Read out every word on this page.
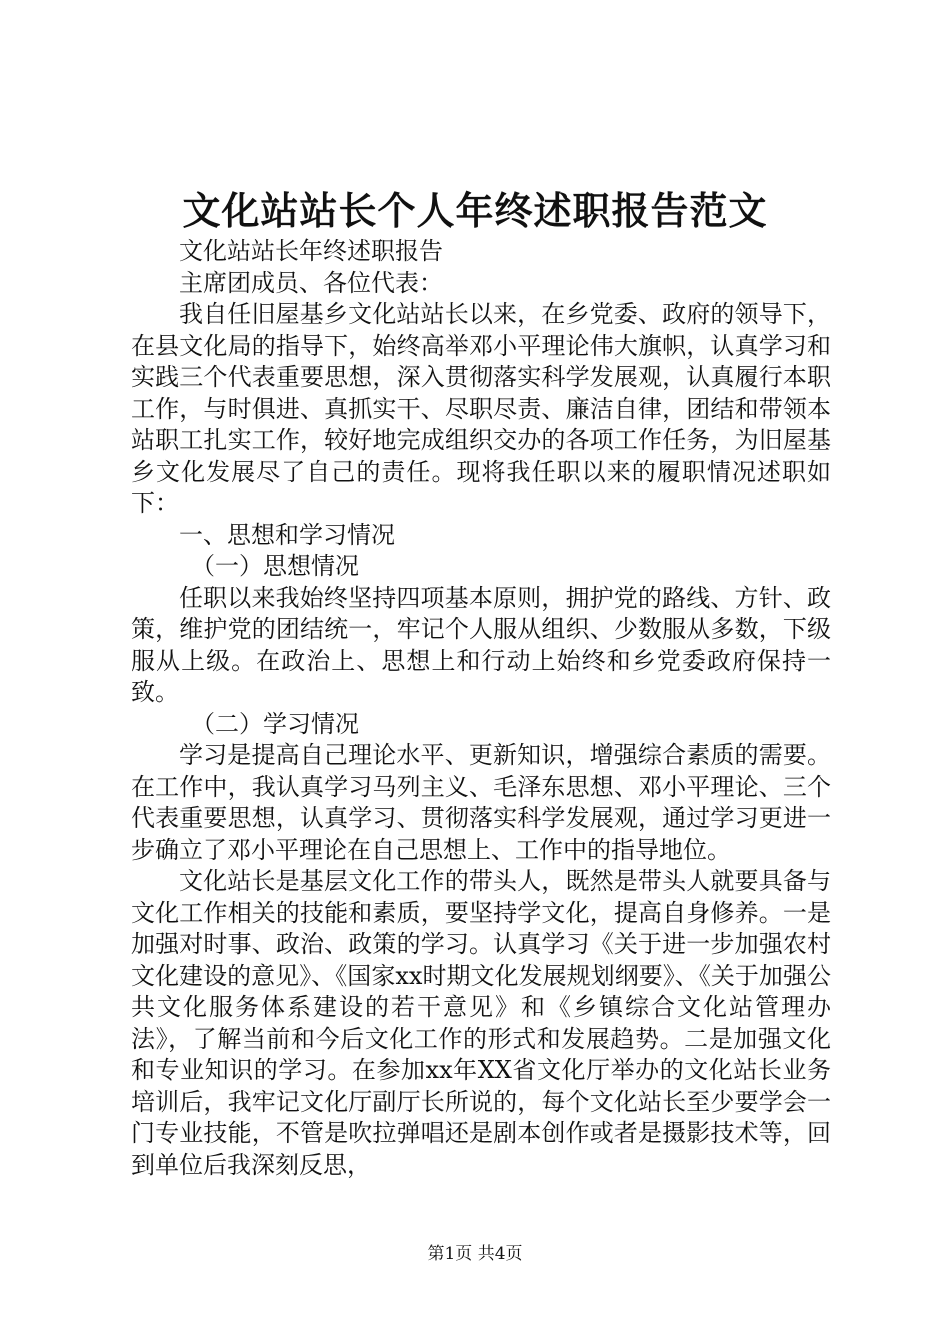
文化站站长个人年终述职报告范文

文化站站长年终述职报告

主席团成员、各位代表：

我自任旧屋基乡文化站站长以来，在乡党委、政府的领导下，在县文化局的指导下，始终高举邓小平理论伟大旗帜，认真学习和实践三个代表重要思想，深入贯彻落实科学发展观，认真履行本职工作，与时俱进、真抓实干、尽职尽责、廉洁自律，团结和带领本站职工扎实工作，较好地完成组织交办的各项工作任务，为旧屋基乡文化发展尽了自己的责任。现将我任职以来的履职情况述职如下：

一、思想和学习情况

（一）思想情况

任职以来我始终坚持四项基本原则，拥护党的路线、方针、政策，维护党的团结统一，牢记个人服从组织、少数服从多数，下级服从上级。在政治上、思想上和行动上始终和乡党委政府保持一致。

（二）学习情况

学习是提高自己理论水平、更新知识，增强综合素质的需要。在工作中，我认真学习马列主义、毛泽东思想、邓小平理论、三个代表重要思想，认真学习、贯彻落实科学发展观，通过学习更进一步确立了邓小平理论在自己思想上、工作中的指导地位。

文化站长是基层文化工作的带头人，既然是带头人就要具备与文化工作相关的技能和素质，要坚持学文化，提高自身修养。一是加强对时事、政治、政策的学习。认真学习《关于进一步加强农村文化建设的意见》、《国家xx时期文化发展规划纲要》、《关于加强公共文化服务体系建设的若干意见》和《乡镇综合文化站管理办法》，了解当前和今后文化工作的形式和发展趋势。二是加强文化和专业知识的学习。在参加xx年XX省文化厅举办的文化站长业务培训后，我牢记文化厅副厅长所说的，每个文化站长至少要学会一门专业技能，不管是吹拉弹唱还是剧本创作或者是摄影技术等，回到单位后我深刻反思，

第1页 共4页
